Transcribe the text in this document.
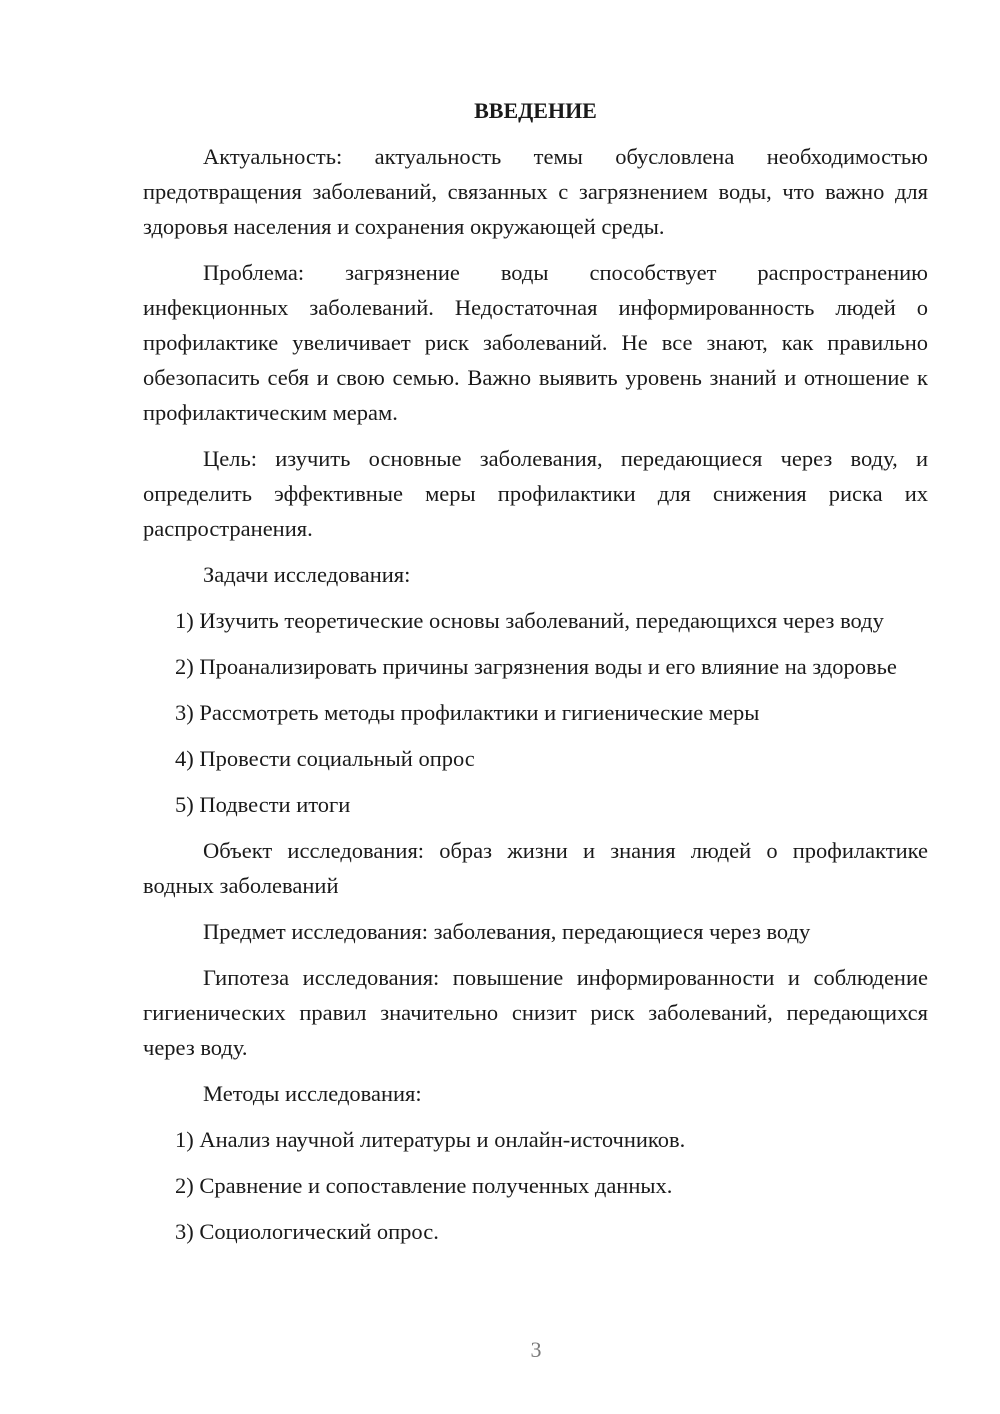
ВВЕДЕНИЕ

Актуальность: актуальность темы обусловлена необходимостью предотвращения заболеваний, связанных с загрязнением воды, что важно для здоровья населения и сохранения окружающей среды.

Проблема: загрязнение воды способствует распространению инфекционных заболеваний. Недостаточная информированность людей о профилактике увеличивает риск заболеваний. Не все знают, как правильно обезопасить себя и свою семью. Важно выявить уровень знаний и отношение к профилактическим мерам.

Цель: изучить основные заболевания, передающиеся через воду, и определить эффективные меры профилактики для снижения риска их распространения.

Задачи исследования:

1) Изучить теоретические основы заболеваний, передающихся через воду

2) Проанализировать причины загрязнения воды и его влияние на здоровье

3) Рассмотреть методы профилактики и гигиенические меры

4) Провести социальный опрос

5) Подвести итоги

Объект исследования: образ жизни и знания людей о профилактике водных заболеваний

Предмет исследования: заболевания, передающиеся через воду

Гипотеза исследования: повышение информированности и соблюдение гигиенических правил значительно снизит риск заболеваний, передающихся через воду.

Методы исследования:

1) Анализ научной литературы и онлайн-источников.

2) Сравнение и сопоставление полученных данных.

3) Социологический опрос.

3
